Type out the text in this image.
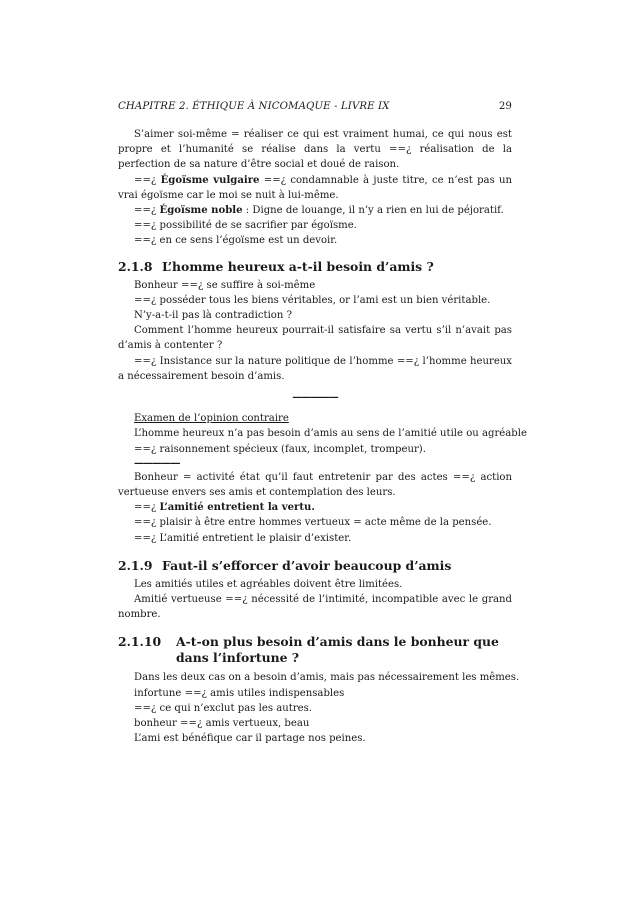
CHAPITRE 2. ÉTHIQUE À NICOMAQUE - LIVRE IX	29

S’aimer soi-même = réaliser ce qui est vraiment humai, ce qui nous est propre et l’humanité se réalise dans la vertu ==¿ réalisation de la perfection de sa nature d’être social et doué de raison.

==¿ Égoïsme vulgaire ==¿ condamnable à juste titre, ce n’est pas un vrai égoïsme car le moi se nuit à lui-même.

==¿ Égoïsme noble : Digne de louange, il n’y a rien en lui de péjoratif.

==¿ possibilité de se sacrifier par égoïsme.

==¿ en ce sens l’égoïsme est un devoir.

2.1.8 L’homme heureux a-t-il besoin d’amis ?

Bonheur ==¿ se suffire à soi-même

==¿ posséder tous les biens véritables, or l’ami est un bien véritable.

N’y-a-t-il pas là contradiction ?

Comment l’homme heureux pourrait-il satisfaire sa vertu s’il n’avait pas d’amis à contenter ?

==¿ Insistance sur la nature politique de l’homme ==¿ l’homme heureux a nécessairement besoin d’amis.

—————

Examen de l’opinion contraire

L’homme heureux n’a pas besoin d’amis au sens de l’amitié utile ou agréable

==¿ raisonnement spécieux (faux, incomplet, trompeur).

—————

Bonheur = activité état qu’il faut entretenir par des actes ==¿ action vertueuse envers ses amis et contemplation des leurs.

==¿ L’amitié entretient la vertu.

==¿ plaisir à être entre hommes vertueux = acte même de la pensée.

==¿ L’amitié entretient le plaisir d’exister.

2.1.9 Faut-il s’efforcer d’avoir beaucoup d’amis

Les amitiés utiles et agréables doivent être limitées.

Amitié vertueuse ==¿ nécessité de l’intimité, incompatible avec le grand nombre.

2.1.10	A-t-on plus besoin d’amis dans le bonheur que dans l’infortune ?

Dans les deux cas on a besoin d’amis, mais pas nécessairement les mêmes.

infortune ==¿ amis utiles indispensables

==¿ ce qui n’exclut pas les autres.

bonheur ==¿ amis vertueux, beau

L’ami est bénéfique car il partage nos peines.
